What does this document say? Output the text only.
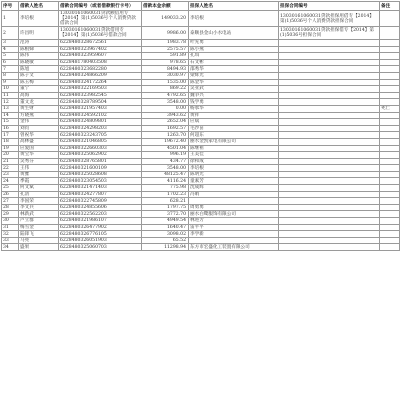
序号	借款人姓名	借款合同编号（或者借款银行卡号）	借款本金余额	担保人姓名	担保合同编号	备注
1	李培根	13030161060031贷款额借用专【2014】第(1)5036号个人消费贷款借款合同	149033.20	李培根	13030161060031贷款担保用借专【2014】第(1)5036号个人消费贷款担保合同	
2	许昌明	13030161060031贷款借用专【2014】第(1)5036号借款合同	9986.00	泰顺县金山小水电站	13030161060031贷款担保借专【2014】第(1)5036号担保合同	
3	范涛	6228480328672561	1983.78	叶先勇		
4	陈根娣	6228480323967402	2575.57	陈小燕		
5	陈伟	6228480323959607	591.89	孔琪		
6	陈晓敏	6228481780403508	978.65	石文彬		
7	陈旭	6228480323682280	8494.93	邵秀华		
8	陈子文	6228480324866209	3030.97	梁辉光		
9	陈玉梅	6228480324172264	1535.00	陈金华		
10	董宁	6228480322169503	869.22	吴亚武		
11	高海	6228480323982545	4792.65	魏争兴		
12	董文龙	6228480328789504	3548.00	钱学勇		
13	黄生财	6228480321957403	0.00	杨承华		死亡
14	方晓燕	6228480324592102	3943.62	黄祥		
15	金伟	6228480324809801	2652.04	应斌		
16	刘钧	6228480324298203	1692.57	毛沙苗		
17	曾祝华	6228480323243705	1263.70	何超东		
18	高林盛	6228480321046805	19672.40	丽水金凯家电有限公司		
19	应爱国	6228480322660303	4501.04	陈继祖		
20	黄宝华	6228480325062902	996.19	王美佳		
21	吴秀芬	6228480328765801	434.77	徐和成		
22	王伟	6228480321600109	3548.00	李培根		
23	黄雅	6228480325028608	48125.47	陈明光		
24	季霞	6228480323054503	4116.24	童素芳		
25	何文斌	6228480321471403	775.98	沈成辉		
26	孔清	6228480324277807	1702.23	冯娟		
27	李国荣	6228480322745809	628.21			
28	李文兵	6228480324855606	1797.75	周勇勇		
29	林新武	6228480322562203	3772.70	丽水白鹭服饰有限公司		
30	卢立群	6228480321986107	4949.54	林进芳		
31	梅雪金	6228480326477902	1640.47	雷平平		
32	陆锋飞	6228480326776105	3098.02	李学新		
33	马亮	6228480326051903	65.52			
34	盛果	6228480325060703	11298.94	东方市宏盛化工装置有限公司		
